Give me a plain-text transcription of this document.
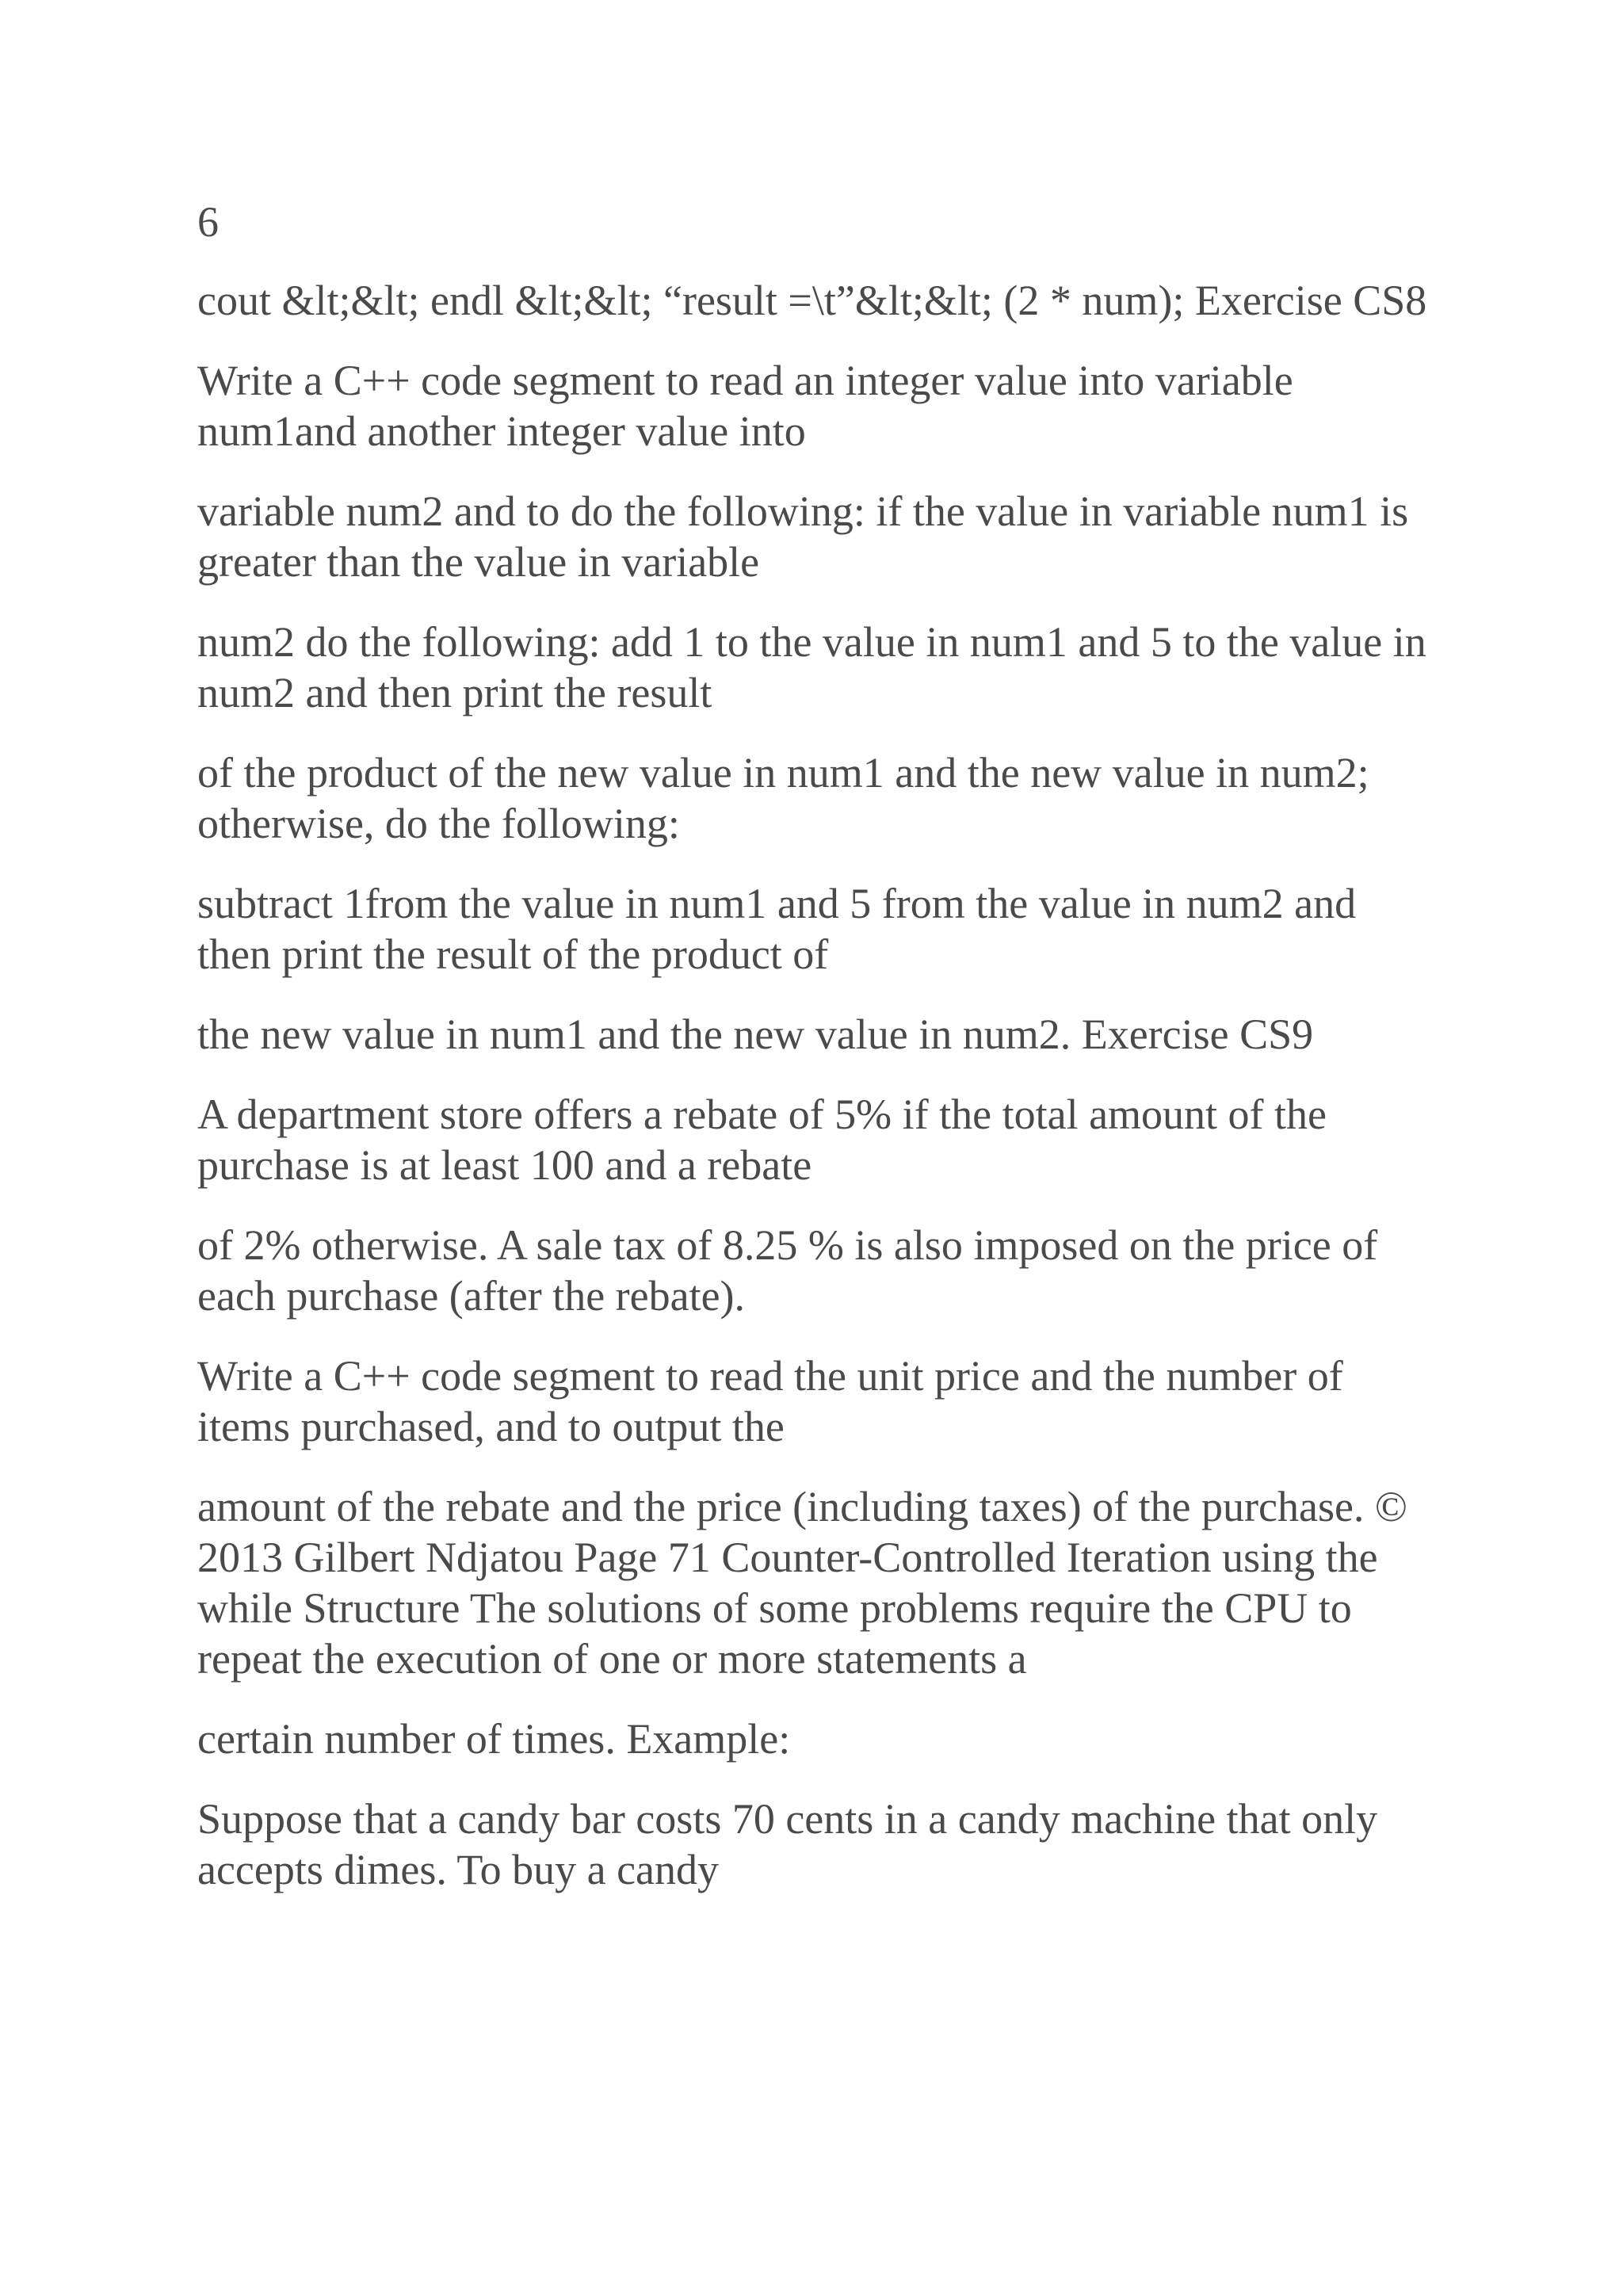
6

cout &lt;&lt; endl &lt;&lt; “result =\t”&lt;&lt; (2 * num); Exercise CS8

Write a C++ code segment to read an integer value into variable num1and another integer value into

variable num2 and to do the following: if the value in variable num1 is greater than the value in variable

num2 do the following: add 1 to the value in num1 and 5 to the value in num2 and then print the result

of the product of the new value in num1 and the new value in num2; otherwise, do the following:

subtract 1from the value in num1 and 5 from the value in num2 and then print the result of the product of

the new value in num1 and the new value in num2. Exercise CS9

A department store offers a rebate of 5% if the total amount of the purchase is at least 100 and a rebate

of 2% otherwise. A sale tax of 8.25 % is also imposed on the price of each purchase (after the rebate).

Write a C++ code segment to read the unit price and the number of items purchased, and to output the

amount of the rebate and the price (including taxes) of the purchase. © 2013 Gilbert Ndjatou Page 71 Counter-Controlled Iteration using the while Structure The solutions of some problems require the CPU to repeat the execution of one or more statements a

certain number of times. Example:

Suppose that a candy bar costs 70 cents in a candy machine that only accepts dimes. To buy a candy
